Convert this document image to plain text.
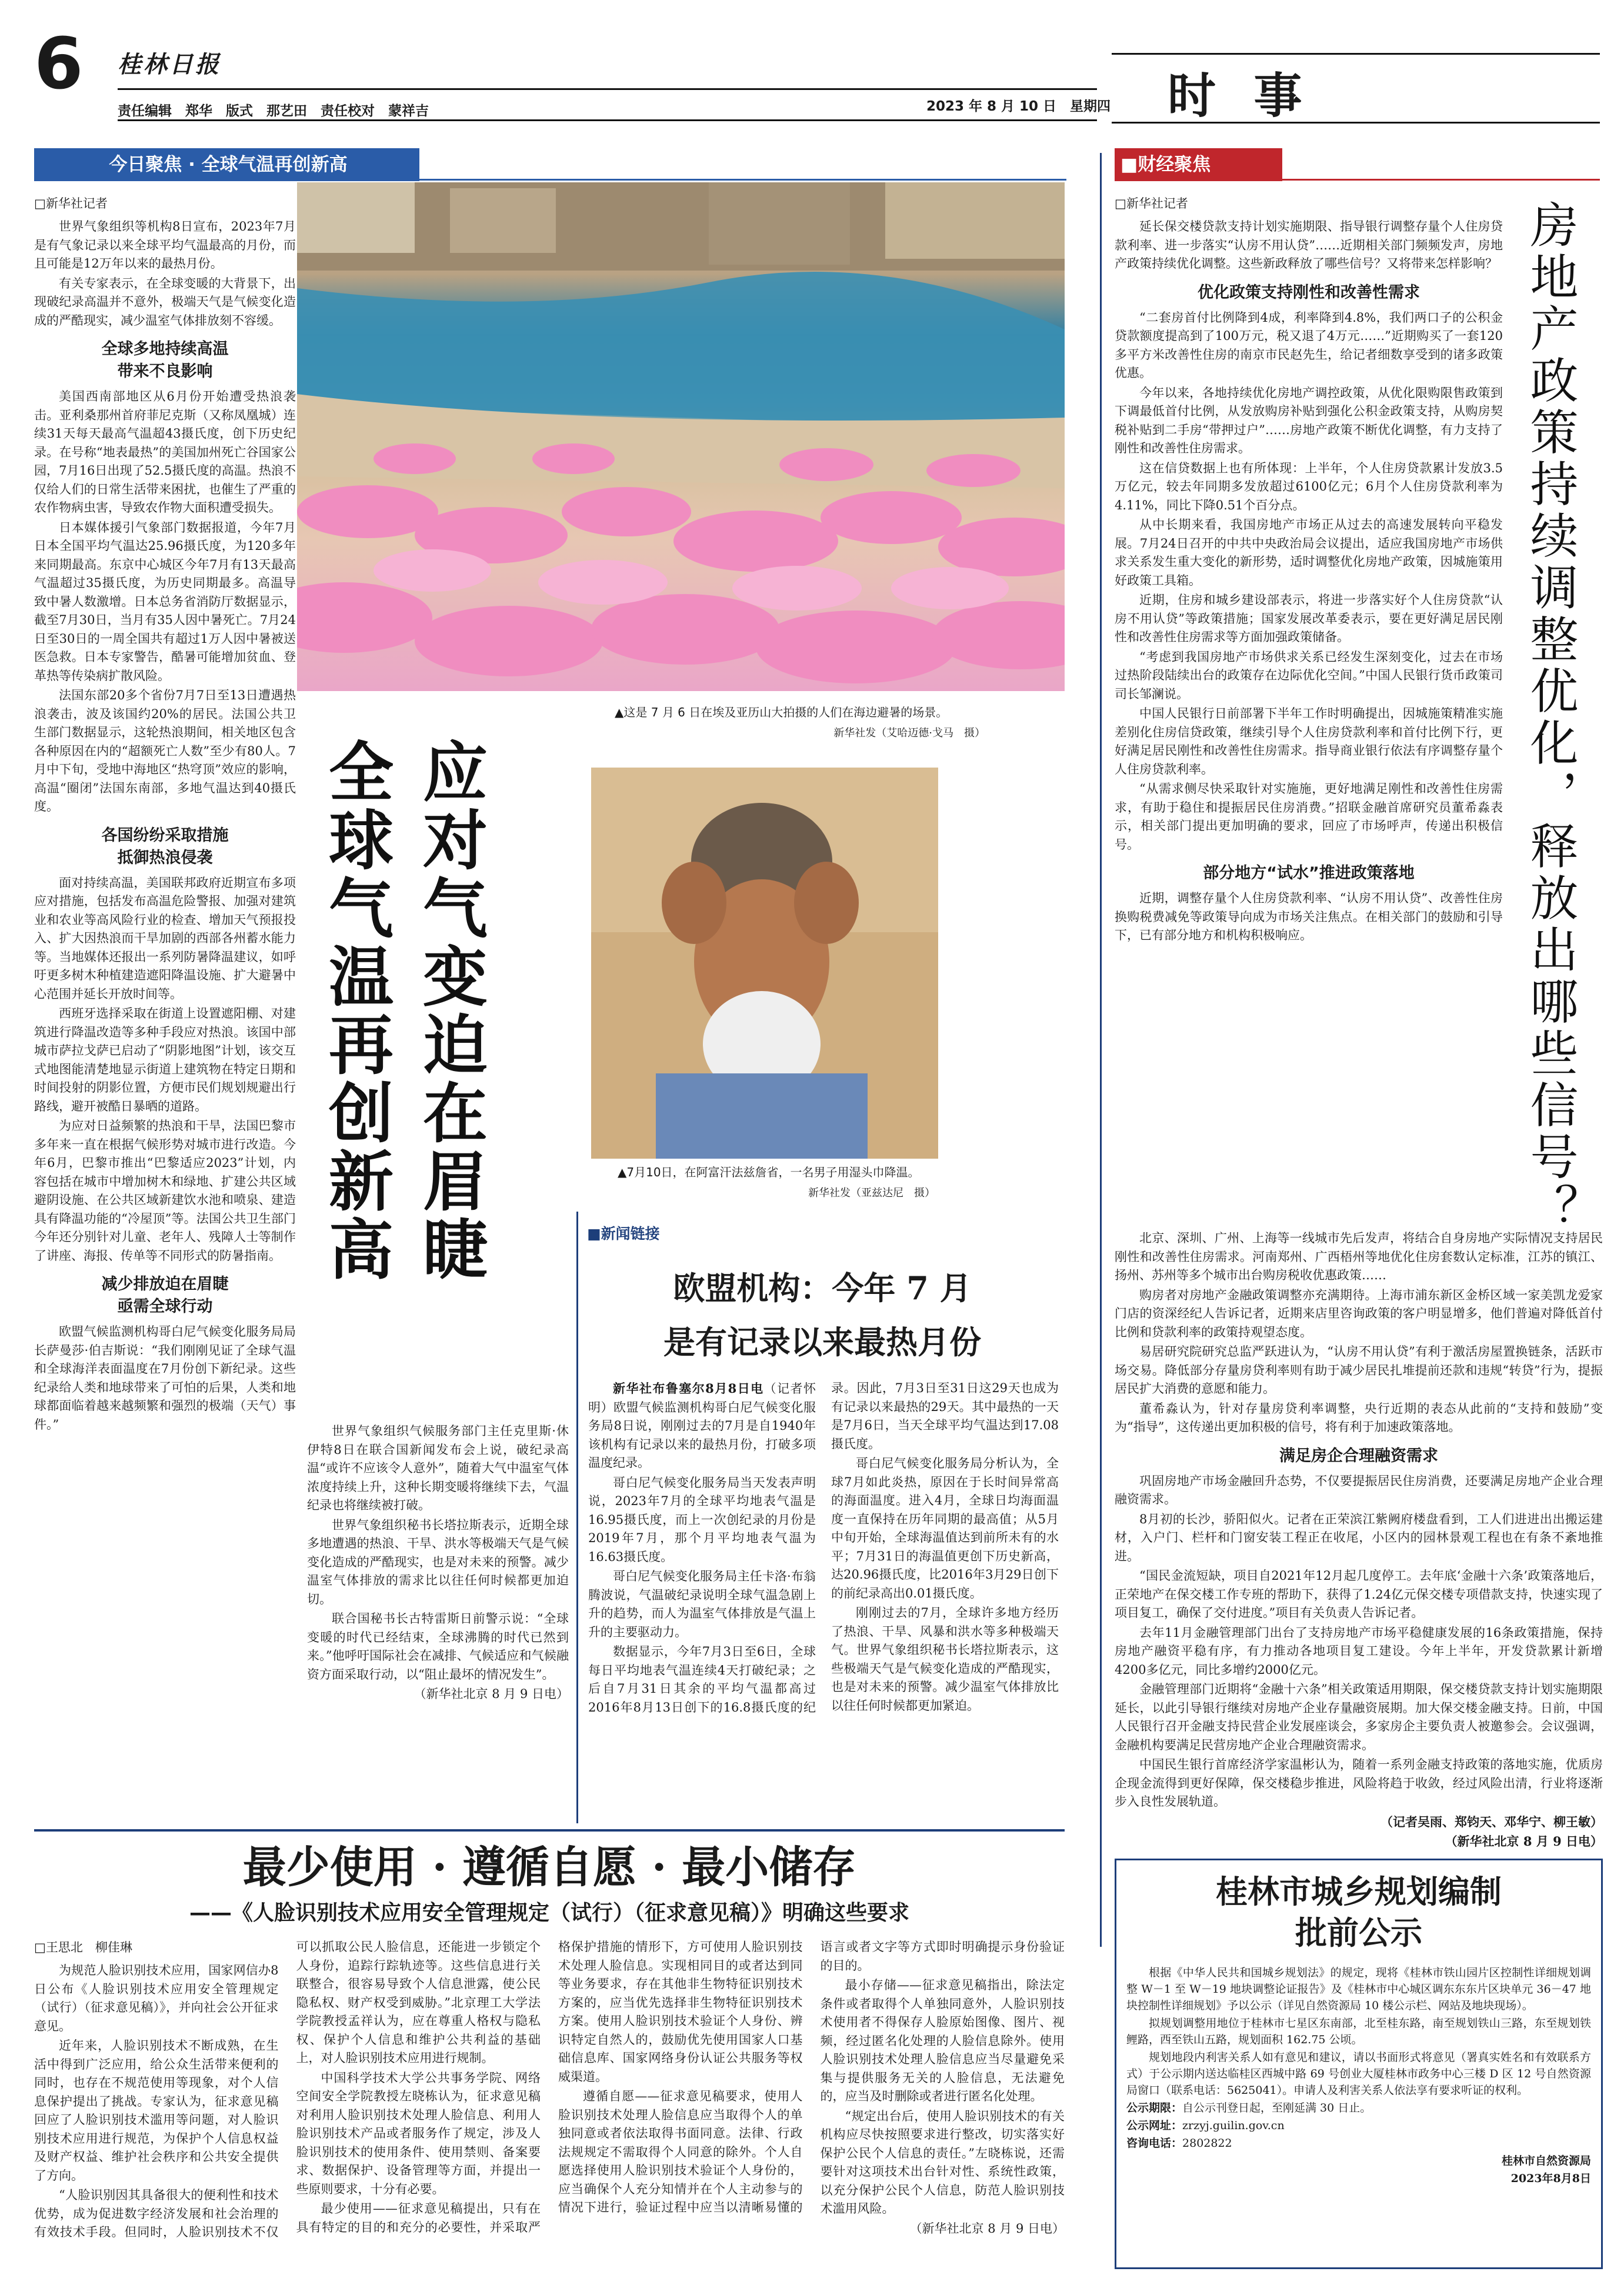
6 桂林日报
责任编辑　郑华　版式　那艺田　责任校对　蒙祥吉	2023 年 8 月 10 日　星期四 时 事
今日聚焦 · 全球气温再创新高

□新华社记者

世界气象组织等机构8日宣布，2023年7月是有气象记录以来全球平均气温最高的月份，而且可能是12万年以来的最热月份。

有关专家表示，在全球变暖的大背景下，出现破纪录高温并不意外，极端天气是气候变化造成的严酷现实，减少温室气体排放刻不容缓。

全球多地持续高温
带来不良影响

美国西南部地区从6月份开始遭受热浪袭击。亚利桑那州首府菲尼克斯（又称凤凰城）连续31天每天最高气温超43摄氏度，创下历史纪录。在号称“地表最热”的美国加州死亡谷国家公园，7月16日出现了52.5摄氏度的高温。热浪不仅给人们的日常生活带来困扰，也催生了严重的农作物病虫害，导致农作物大面积遭受损失。

日本媒体援引气象部门数据报道，今年7月日本全国平均气温达25.96摄氏度，为120多年来同期最高。东京中心城区今年7月有13天最高气温超过35摄氏度，为历史同期最多。高温导致中暑人数激增。日本总务省消防厅数据显示，截至7月30日，当月有35人因中暑死亡。7月24日至30日的一周全国共有超过1万人因中暑被送医急救。日本专家警告，酷暑可能增加贫血、登革热等传染病扩散风险。

法国东部20多个省份7月7日至13日遭遇热浪袭击，波及该国约20%的居民。法国公共卫生部门数据显示，这轮热浪期间，相关地区包含各种原因在内的“超额死亡人数”至少有80人。7月中下旬，受地中海地区“热穹顶”效应的影响，高温“圈闭”法国东南部，多地气温达到40摄氏度。

各国纷纷采取措施
抵御热浪侵袭

面对持续高温，美国联邦政府近期宣布多项应对措施，包括发布高温危险警报、加强对建筑业和农业等高风险行业的检查、增加天气预报投入、扩大因热浪而干旱加剧的西部各州蓄水能力等。当地媒体还报出一系列防暑降温建议，如呼吁更多树木种植建造遮阳降温设施、扩大避暑中心范围并延长开放时间等。

西班牙选择采取在街道上设置遮阳棚、对建筑进行降温改造等多种手段应对热浪。该国中部城市萨拉戈萨已启动了“阴影地图”计划，该交互式地图能清楚地显示街道上建筑物在特定日期和时间投射的阴影位置，方便市民们规划规避出行路线，避开被酷日暴晒的道路。

为应对日益频繁的热浪和干旱，法国巴黎市多年来一直在根据气候形势对城市进行改造。今年6月，巴黎市推出“巴黎适应2023”计划，内容包括在城市中增加树木和绿地、扩建公共区域避阴设施、在公共区域新建饮水池和喷泉、建造具有降温功能的“冷屋顶”等。法国公共卫生部门今年还分别针对儿童、老年人、残障人士等制作了讲座、海报、传单等不同形式的防暑指南。

减少排放迫在眉睫
亟需全球行动

欧盟气候监测机构哥白尼气候变化服务局局长萨曼莎·伯吉斯说：“我们刚刚见证了全球气温和全球海洋表面温度在7月份创下新纪录。这些纪录给人类和地球带来了可怕的后果，人类和地球都面临着越来越频繁和强烈的极端（天气）事件。”

▲这是 7 月 6 日在埃及亚历山大拍摄的人们在海边避暑的场景。
新华社发（艾哈迈德·戈马　摄）
应对气变迫在眉睫
全球气温再创新高	▲7月10日，在阿富汗法兹詹省，一名男子用湿头巾降温。
新华社发（亚兹达尼　摄）

世界气象组织气候服务部门主任克里斯·休伊特8日在联合国新闻发布会上说，破纪录高温“或许不应该令人意外”，随着大气中温室气体浓度持续上升，这种长期变暖将继续下去，气温纪录也将继续被打破。

世界气象组织秘书长塔拉斯表示，近期全球多地遭遇的热浪、干旱、洪水等极端天气是气候变化造成的严酷现实，也是对未来的预警。减少温室气体排放的需求比以往任何时候都更加迫切。

联合国秘书长古特雷斯日前警示说：“全球变暖的时代已经结束，全球沸腾的时代已然到来。”他呼吁国际社会在减排、气候适应和气候融资方面采取行动，以“阻止最坏的情况发生”。

（新华社北京 8 月 9 日电）

■新闻链接
欧盟机构：今年 7 月
是有记录以来最热月份

新华社布鲁塞尔8月8日电（记者怀明）欧盟气候监测机构哥白尼气候变化服务局8日说，刚刚过去的7月是自1940年该机构有记录以来的最热月份，打破多项温度纪录。

哥白尼气候变化服务局当天发表声明说，2023年7月的全球平均地表气温是16.95摄氏度，而上一次创纪录的月份是2019年7月，那个月平均地表气温为16.63摄氏度。

哥白尼气候变化服务局主任卡洛·布翁腾波说，气温破纪录说明全球气温急剧上升的趋势，而人为温室气体排放是气温上升的主要驱动力。

数据显示，今年7月3日至6日，全球每日平均地表气温连续4天打破纪录；之后自7月31日其余的平均气温都高过2016年8月13日创下的16.8摄氏度的纪录。因此，7月3日至31日这29天也成为有记录以来最热的29天。其中最热的一天是7月6日，当天全球平均气温达到17.08摄氏度。

哥白尼气候变化服务局分析认为，全球7月如此炎热，原因在于长时间异常高的海面温度。进入4月，全球日均海面温度一直保持在历年同期的最高值；从5月中旬开始，全球海温值达到前所未有的水平；7月31日的海温值更创下历史新高，达20.96摄氏度，比2016年3月29日创下的前纪录高出0.01摄氏度。

刚刚过去的7月，全球许多地方经历了热浪、干旱、风暴和洪水等多种极端天气。世界气象组织秘书长塔拉斯表示，这些极端天气是气候变化造成的严酷现实，也是对未来的预警。减少温室气体排放比以往任何时候都更加紧迫。

最少使用 · 遵循自愿 · 最小储存
——《人脸识别技术应用安全管理规定（试行）（征求意见稿）》明确这些要求

□王思北　柳佳琳

为规范人脸识别技术应用，国家网信办8日公布《人脸识别技术应用安全管理规定（试行）（征求意见稿）》，并向社会公开征求意见。

近年来，人脸识别技术不断成熟，在生活中得到广泛应用，给公众生活带来便利的同时，也存在不规范使用等现象，对个人信息保护提出了挑战。专家认为，征求意见稿回应了人脸识别技术滥用等问题，对人脸识别技术应用进行规范，为保护个人信息权益及财产权益、维护社会秩序和公共安全提供了方向。

“人脸识别因其具备很大的便利性和技术优势，成为促进数字经济发展和社会治理的有效技术手段。但同时，人脸识别技术不仅可以抓取公民人脸信息，还能进一步锁定个人身份，追踪行踪轨迹等。这些信息进行关联整合，很容易导致个人信息泄露，使公民隐私权、财产权受到威胁。”北京理工大学法学院教授孟祥认为，应在尊重人格权与隐私权、保护个人信息和维护公共利益的基础上，对人脸识别技术应用进行规制。

中国科学技术大学公共事务学院、网络空间安全学院教授左晓栋认为，征求意见稿对利用人脸识别技术处理人脸信息、利用人脸识别技术产品或者服务作了规定，涉及人脸识别技术的使用条件、使用禁则、备案要求、数据保护、设备管理等方面，并提出一些原则要求，十分有必要。

最少使用——征求意见稿提出，只有在具有特定的目的和充分的必要性，并采取严格保护措施的情形下，方可使用人脸识别技术处理人脸信息。实现相同目的或者达到同等业务要求，存在其他非生物特征识别技术方案的，应当优先选择非生物特征识别技术方案。使用人脸识别技术验证个人身份、辨识特定自然人的，鼓励优先使用国家人口基础信息库、国家网络身份认证公共服务等权威渠道。

遵循自愿——征求意见稿要求，使用人脸识别技术处理人脸信息应当取得个人的单独同意或者依法取得书面同意。法律、行政法规规定不需取得个人同意的除外。个人自愿选择使用人脸识别技术验证个人身份的，应当确保个人充分知情并在个人主动参与的情况下进行，验证过程中应当以清晰易懂的语言或者文字等方式即时明确提示身份验证的目的。

最小存储——征求意见稿指出，除法定条件或者取得个人单独同意外，人脸识别技术使用者不得保存人脸原始图像、图片、视频，经过匿名化处理的人脸信息除外。使用人脸识别技术处理人脸信息应当尽量避免采集与提供服务无关的人脸信息，无法避免的，应当及时删除或者进行匿名化处理。

“规定出台后，使用人脸识别技术的有关机构应尽快按照要求进行整改，切实落实好保护公民个人信息的责任。”左晓栋说，还需要针对这项技术出台针对性、系统性政策，以充分保护公民个人信息，防范人脸识别技术滥用风险。

（新华社北京 8 月 9 日电）

■财经聚焦
房地产政策持续调整优化，释放出哪些信号？

□新华社记者

延长保交楼贷款支持计划实施期限、指导银行调整存量个人住房贷款利率、进一步落实“认房不用认贷”……近期相关部门频频发声，房地产政策持续优化调整。这些新政释放了哪些信号？又将带来怎样影响？

优化政策支持刚性和改善性需求

“二套房首付比例降到4成，利率降到4.8%，我们两口子的公积金贷款额度提高到了100万元，税又退了4万元……”近期购买了一套120多平方米改善性住房的南京市民赵先生，给记者细数享受到的诸多政策优惠。

今年以来，各地持续优化房地产调控政策，从优化限购限售政策到下调最低首付比例，从发放购房补贴到强化公积金政策支持，从购房契税补贴到二手房“带押过户”……房地产政策不断优化调整，有力支持了刚性和改善性住房需求。

这在信贷数据上也有所体现：上半年，个人住房贷款累计发放3.5万亿元，较去年同期多发放超过6100亿元；6月个人住房贷款利率为4.11%，同比下降0.51个百分点。

从中长期来看，我国房地产市场正从过去的高速发展转向平稳发展。7月24日召开的中共中央政治局会议提出，适应我国房地产市场供求关系发生重大变化的新形势，适时调整优化房地产政策，因城施策用好政策工具箱。

近期，住房和城乡建设部表示，将进一步落实好个人住房贷款“认房不用认贷”等政策措施；国家发展改革委表示，要在更好满足居民刚性和改善性住房需求等方面加强政策储备。

“考虑到我国房地产市场供求关系已经发生深刻变化，过去在市场过热阶段陆续出台的政策存在边际优化空间。”中国人民银行货币政策司司长邹澜说。

中国人民银行日前部署下半年工作时明确提出，因城施策精准实施差别化住房信贷政策，继续引导个人住房贷款利率和首付比例下行，更好满足居民刚性和改善性住房需求。指导商业银行依法有序调整存量个人住房贷款利率。

“从需求侧尽快采取针对实施施，更好地满足刚性和改善性住房需求，有助于稳住和提振居民住房消费。”招联金融首席研究员董希淼表示，相关部门提出更加明确的要求，回应了市场呼声，传递出积极信号。

部分地方“试水”推进政策落地

近期，调整存量个人住房贷款利率、“认房不用认贷”、改善性住房换购税费减免等政策导向成为市场关注焦点。在相关部门的鼓励和引导下，已有部分地方和机构积极响应。

北京、深圳、广州、上海等一线城市先后发声，将结合自身房地产实际情况支持居民刚性和改善性住房需求。河南郑州、广西梧州等地优化住房套数认定标准，江苏的镇江、扬州、苏州等多个城市出台购房税收优惠政策……

购房者对房地产金融政策调整亦充满期待。上海市浦东新区金桥区域一家美凯龙爱家门店的资深经纪人告诉记者，近期来店里咨询政策的客户明显增多，他们普遍对降低首付比例和贷款利率的政策持观望态度。

易居研究院研究总监严跃进认为，“认房不用认贷”有利于激活房屋置换链条，活跃市场交易。降低部分存量房贷利率则有助于减少居民扎堆提前还款和违规“转贷”行为，提振居民扩大消费的意愿和能力。

董希淼认为，针对存量房贷利率调整，央行近期的表态从此前的“支持和鼓励”变为“指导”，这传递出更加积极的信号，将有利于加速政策落地。

满足房企合理融资需求

巩固房地产市场金融回升态势，不仅要提振居民住房消费，还要满足房地产企业合理融资需求。

8月初的长沙，骄阳似火。记者在正荣滨江紫阙府楼盘看到，工人们进进出出搬运建材，入户门、栏杆和门窗安装工程正在收尾，小区内的园林景观工程也在有条不紊地推进。

“国民金流短缺，项目自2021年12月起几度停工。去年底‘金融十六条’政策落地后，正荣地产在保交楼工作专班的帮助下，获得了1.24亿元保交楼专项借款支持，快速实现了项目复工，确保了交付进度。”项目有关负责人告诉记者。

去年11月金融管理部门出台了支持房地产市场平稳健康发展的16条政策措施，保持房地产融资平稳有序，有力推动各地项目复工建设。今年上半年，开发贷款累计新增4200多亿元，同比多增约2000亿元。

金融管理部门近期将“金融十六条”相关政策适用期限，保交楼贷款支持计划实施期限延长，以此引导银行继续对房地产企业存量融资展期。加大保交楼金融支持。日前，中国人民银行召开金融支持民营企业发展座谈会，多家房企主要负责人被邀参会。会议强调，金融机构要满足民营房地产企业合理融资需求。

中国民生银行首席经济学家温彬认为，随着一系列金融支持政策的落地实施，优质房企现金流得到更好保障，保交楼稳步推进，风险将趋于收敛，经过风险出清，行业将逐渐步入良性发展轨道。

（记者吴雨、郑钧天、邓华宁、柳王敏）

（新华社北京 8 月 9 日电）

桂林市城乡规划编制
批前公示

根据《中华人民共和国城乡规划法》的规定，现将《桂林市铁山园片区控制性详细规划调整 W－1 至 W－19 地块调整论证报告》及《桂林市中心城区调东东东片区块单元 36－47 地块控制性详细规划》予以公示（详见自然资源局 10 楼公示栏、网站及地块现场）。

拟规划调整用地位于桂林市七星区东南部，北至桂东路，南至规划铁山三路，东至规划铁鲤路，西至铁山五路，规划面积 162.75 公顷。

规划地段内利害关系人如有意见和建议，请以书面形式将意见（署真实姓名和有效联系方式）于公示期内送达临桂区西城中路 69 号创业大厦桂林市政务中心三楼 D 区 12 号自然资源局窗口（联系电话：5625041）。申请人及利害关系人依法享有要求听证的权利。

公示期限：自公示刊登日起，至刚延满 30 日止。

公示网址：zrzyj.guilin.gov.cn

咨询电话：2802822

桂林市自然资源局

2023年8月8日
